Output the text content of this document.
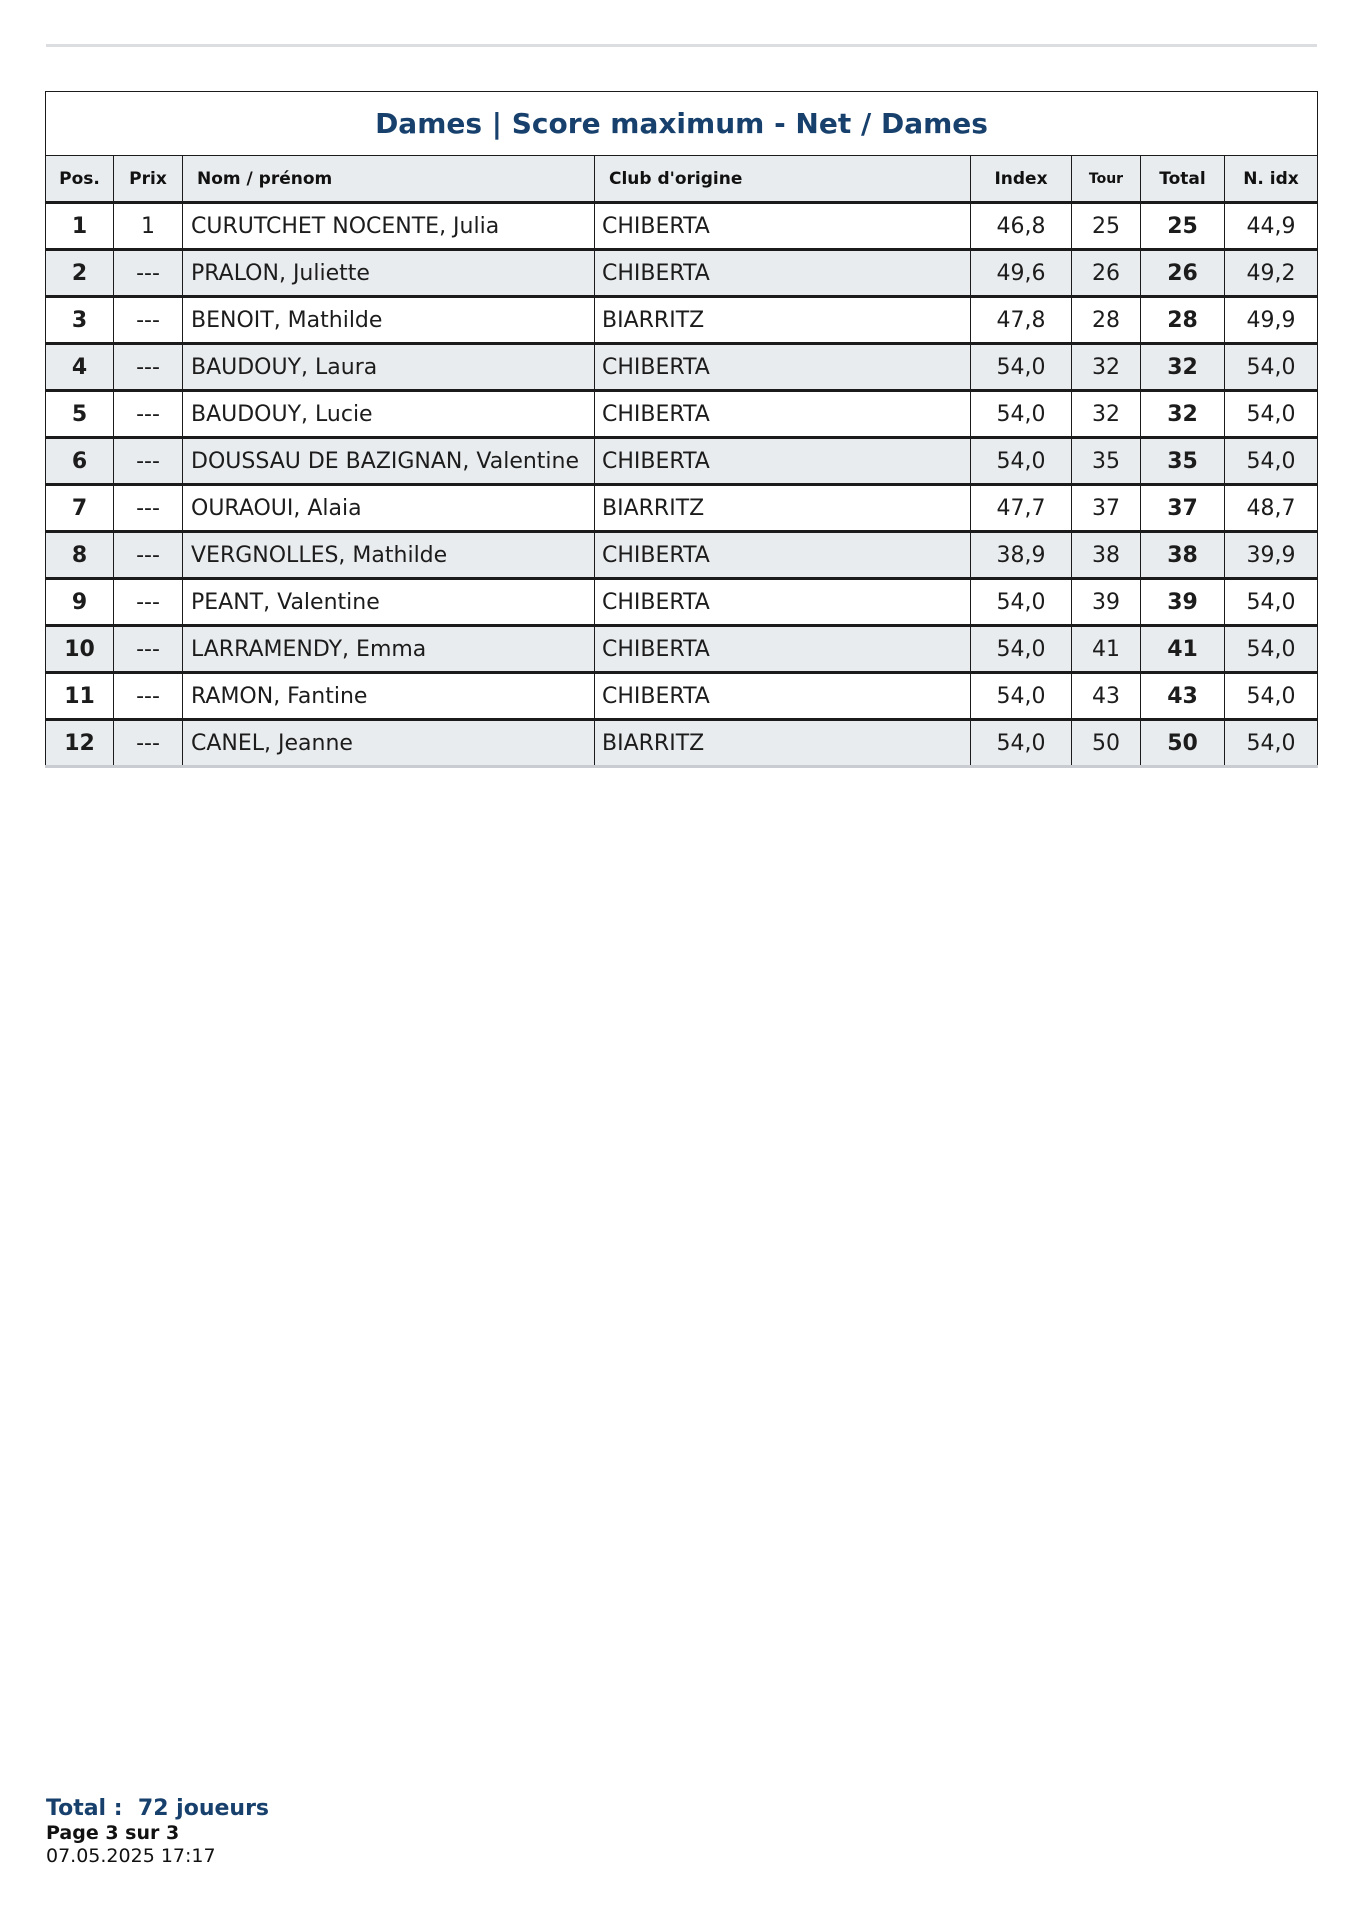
Dames | Score maximum - Net / Dames							
Pos.	Prix	Nom / prénom	Club d'origine	Index	Tour	Total	N. idx
1	1	CURUTCHET NOCENTE, Julia	CHIBERTA	46,8	25	25	44,9
2	---	PRALON, Juliette	CHIBERTA	49,6	26	26	49,2
3	---	BENOIT, Mathilde	BIARRITZ	47,8	28	28	49,9
4	---	BAUDOUY, Laura	CHIBERTA	54,0	32	32	54,0
5	---	BAUDOUY, Lucie	CHIBERTA	54,0	32	32	54,0
6	---	DOUSSAU DE BAZIGNAN, Valentine	CHIBERTA	54,0	35	35	54,0
7	---	OURAOUI, Alaia	BIARRITZ	47,7	37	37	48,7
8	---	VERGNOLLES, Mathilde	CHIBERTA	38,9	38	38	39,9
9	---	PEANT, Valentine	CHIBERTA	54,0	39	39	54,0
10	---	LARRAMENDY, Emma	CHIBERTA	54,0	41	41	54,0
11	---	RAMON, Fantine	CHIBERTA	54,0	43	43	54,0
12	---	CANEL, Jeanne	BIARRITZ	54,0	50	50	54,0
Total : 72 joueurs
Page 3 sur 3
07.05.2025 17:17
